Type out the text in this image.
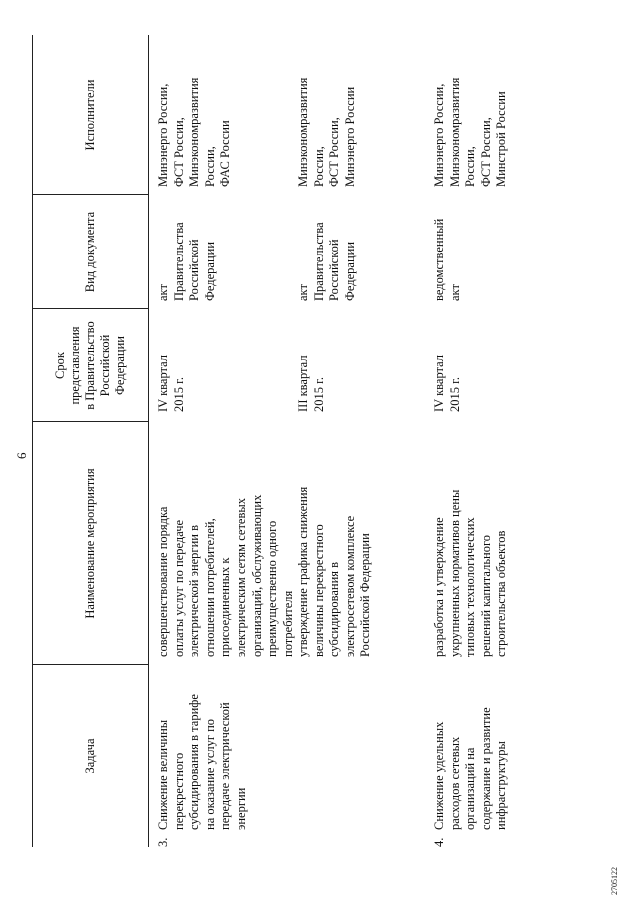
6
Задача
Наименование мероприятия
Срок
представления
в Правительство
Российской
Федерации
Вид документа
Исполнители
3.
Снижение величины
перекрестного
субсидирования в тарифе
на оказание услуг по
передаче электрической
энергии
совершенствование порядка
оплаты услуг по передаче
электрической энергии в
отношении потребителей,
присоединенных к
электрическим сетям сетевых
организаций, обслуживающих
преимущественно одного
потребителя
IV квартал
2015 г.
акт
Правительства
Российской
Федерации
Минэнерго России,
ФСТ России,
Минэкономразвития
России,
ФАС России
утверждение графика снижения
величины перекрестного
субсидирования в
электросетевом комплексе
Российской Федерации
III квартал
2015 г.
акт
Правительства
Российской
Федерации
Минэкономразвития
России,
ФСТ России,
Минэнерго России
4.
Снижение удельных
расходов сетевых
организаций на
содержание и развитие
инфраструктуры
разработка и утверждение
укрупненных нормативов цены
типовых технологических
решений капитального
строительства объектов
IV квартал
2015 г.
ведомственный
акт
Минэнерго России,
Минэкономразвития
России,
ФСТ России,
Минстрой России
2705122
